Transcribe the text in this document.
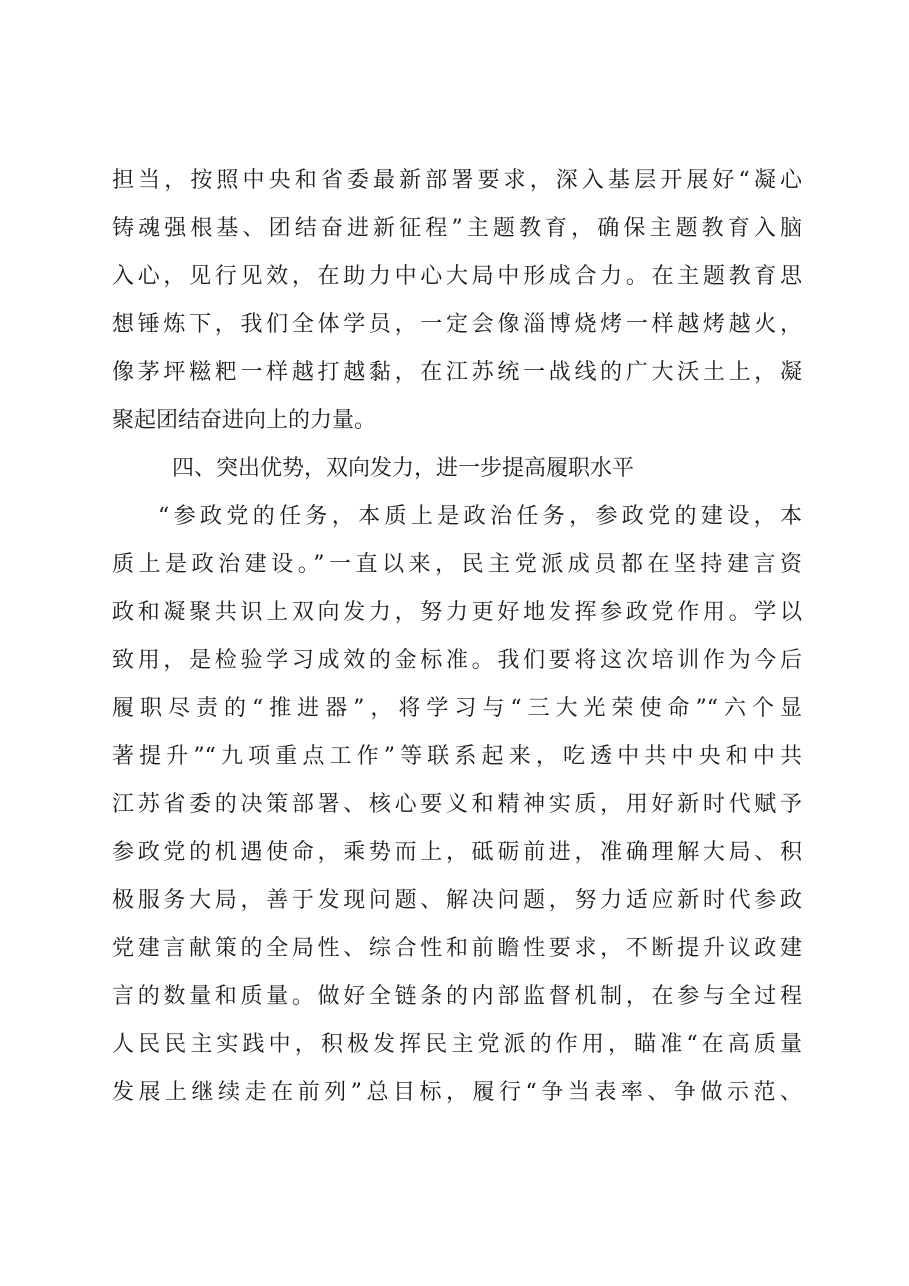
担当，按照中央和省委最新部署要求，深入基层开展好“凝心
铸魂强根基、团结奋进新征程”主题教育，确保主题教育入脑
入心，见行见效，在助力中心大局中形成合力。在主题教育思
想锤炼下，我们全体学员，一定会像淄博烧烤一样越烤越火，
像茅坪糍粑一样越打越黏，在江苏统一战线的广大沃土上，凝
聚起团结奋进向上的力量。
四、突出优势，双向发力，进一步提高履职水平
“参政党的任务，本质上是政治任务，参政党的建设，本
质上是政治建设。”一直以来，民主党派成员都在坚持建言资
政和凝聚共识上双向发力，努力更好地发挥参政党作用。学以
致用，是检验学习成效的金标准。我们要将这次培训作为今后
履职尽责的“推进器”，将学习与“三大光荣使命”“六个显
著提升”“九项重点工作”等联系起来，吃透中共中央和中共
江苏省委的决策部署、核心要义和精神实质，用好新时代赋予
参政党的机遇使命，乘势而上，砥砺前进，准确理解大局、积
极服务大局，善于发现问题、解决问题，努力适应新时代参政
党建言献策的全局性、综合性和前瞻性要求，不断提升议政建
言的数量和质量。做好全链条的内部监督机制，在参与全过程
人民民主实践中，积极发挥民主党派的作用，瞄准“在高质量
发展上继续走在前列”总目标，履行“争当表率、争做示范、
